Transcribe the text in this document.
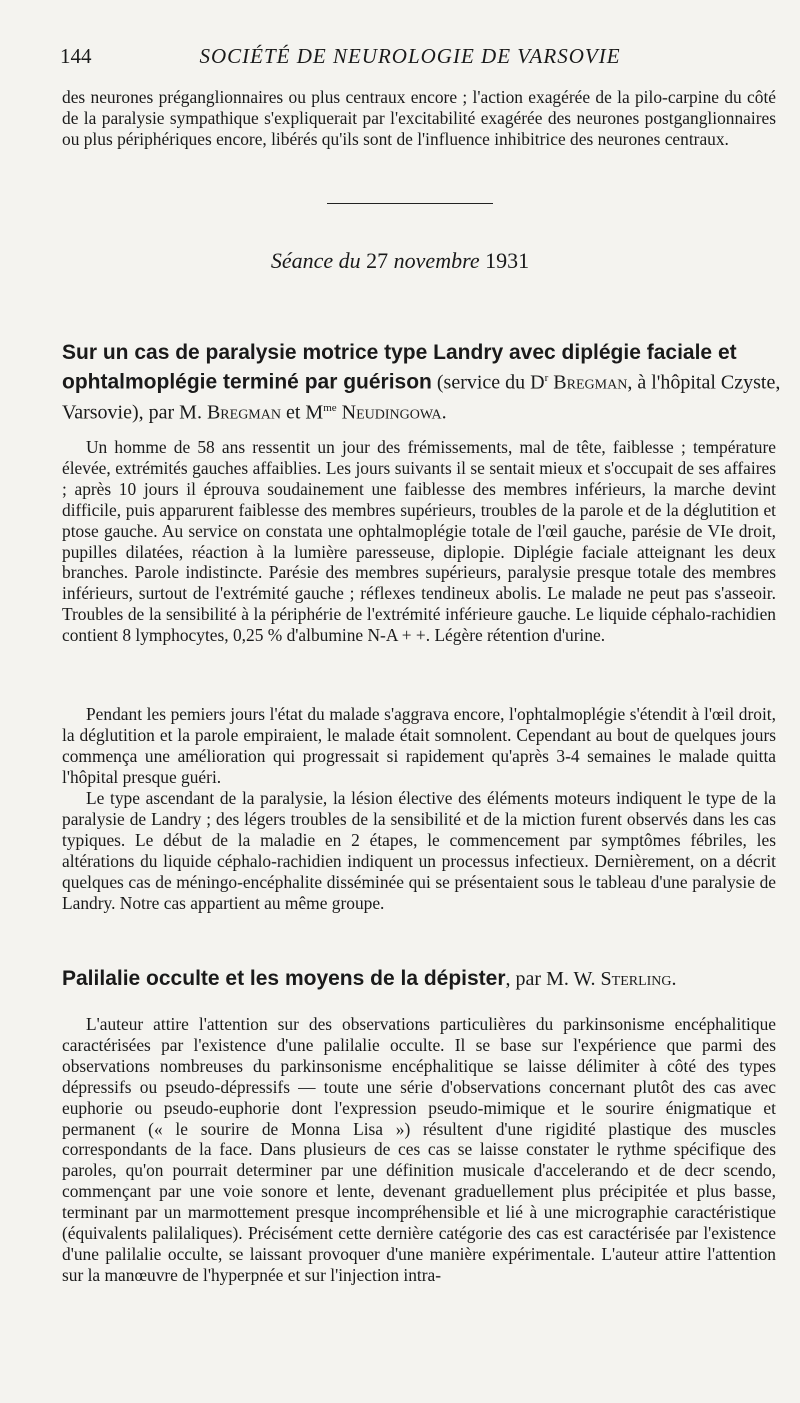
144	SOCIÉTÉ DE NEUROLOGIE DE VARSOVIE

des neurones préganglionnaires ou plus centraux encore ; l'action exagérée de la pilo-carpine du côté de la paralysie sympathique s'expliquerait par l'excitabilité exagérée des neurones postganglionnaires ou plus périphériques encore, libérés qu'ils sont de l'influence inhibitrice des neurones centraux.

Séance du 27 novembre 1931
Sur un cas de paralysie motrice type Landry avec diplégie faciale et ophtalmoplégie terminé par guérison (service du $D^r$ Bregman, à l'hôpital Czyste, Varsovie), par M. Bregman et $M^{me}$ Neudingowa.

Un homme de 58 ans ressentit un jour des frémissements, mal de tête, faiblesse ; température élevée, extrémités gauches affaiblies. Les jours suivants il se sentait mieux et s'occupait de ses affaires ; après 10 jours il éprouva soudainement une faiblesse des membres inférieurs, la marche devint difficile, puis apparurent faiblesse des membres supérieurs, troubles de la parole et de la déglutition et ptose gauche. Au service on constata une ophtalmoplégie totale de l'œil gauche, parésie de VIe droit, pupilles dilatées, réaction à la lumière paresseuse, diplopie. Diplégie faciale atteignant les deux branches. Parole indistincte. Parésie des membres supérieurs, paralysie presque totale des membres inférieurs, surtout de l'extrémité gauche ; réflexes tendineux abolis. Le malade ne peut pas s'asseoir. Troubles de la sensibilité à la périphérie de l'extrémité inférieure gauche. Le liquide céphalo-rachidien contient 8 lymphocytes, 0,25 % d'albumine N-A + +. Légère rétention d'urine.

Pendant les pemiers jours l'état du malade s'aggrava encore, l'ophtalmoplégie s'étendit à l'œil droit, la déglutition et la parole empiraient, le malade était somnolent. Cependant au bout de quelques jours commença une amélioration qui progressait si rapidement qu'après 3-4 semaines le malade quitta l'hôpital presque guéri.

Le type ascendant de la paralysie, la lésion élective des éléments moteurs indiquent le type de la paralysie de Landry ; des légers troubles de la sensibilité et de la miction furent observés dans les cas typiques. Le début de la maladie en 2 étapes, le commencement par symptômes fébriles, les altérations du liquide céphalo-rachidien indiquent un processus infectieux. Dernièrement, on a décrit quelques cas de méningo-encéphalite disséminée qui se présentaient sous le tableau d'une paralysie de Landry. Notre cas appartient au même groupe.

Palilalie occulte et les moyens de la dépister, par M. W. Sterling.

L'auteur attire l'attention sur des observations particulières du parkinsonisme encéphalitique caractérisées par l'existence d'une palilalie occulte. Il se base sur l'expérience que parmi des observations nombreuses du parkinsonisme encéphalitique se laisse délimiter à côté des types dépressifs ou pseudo-dépressifs — toute une série d'observations concernant plutôt des cas avec euphorie ou pseudo-euphorie dont l'expression pseudo-mimique et le sourire énigmatique et permanent (« le sourire de Monna Lisa ») résultent d'une rigidité plastique des muscles correspondants de la face. Dans plusieurs de ces cas se laisse constater le rythme spécifique des paroles, qu'on pourrait determiner par une définition musicale d'accelerando et de decr scendo, commençant par une voie sonore et lente, devenant graduellement plus précipitée et plus basse, terminant par un marmottement presque incompréhensible et lié à une micrographie caractéristique (équivalents palilaliques). Précisément cette dernière catégorie des cas est caractérisée par l'existence d'une palilalie occulte, se laissant provoquer d'une manière expérimentale. L'auteur attire l'attention sur la manœuvre de l'hyperpnée et sur l'injection intra-
